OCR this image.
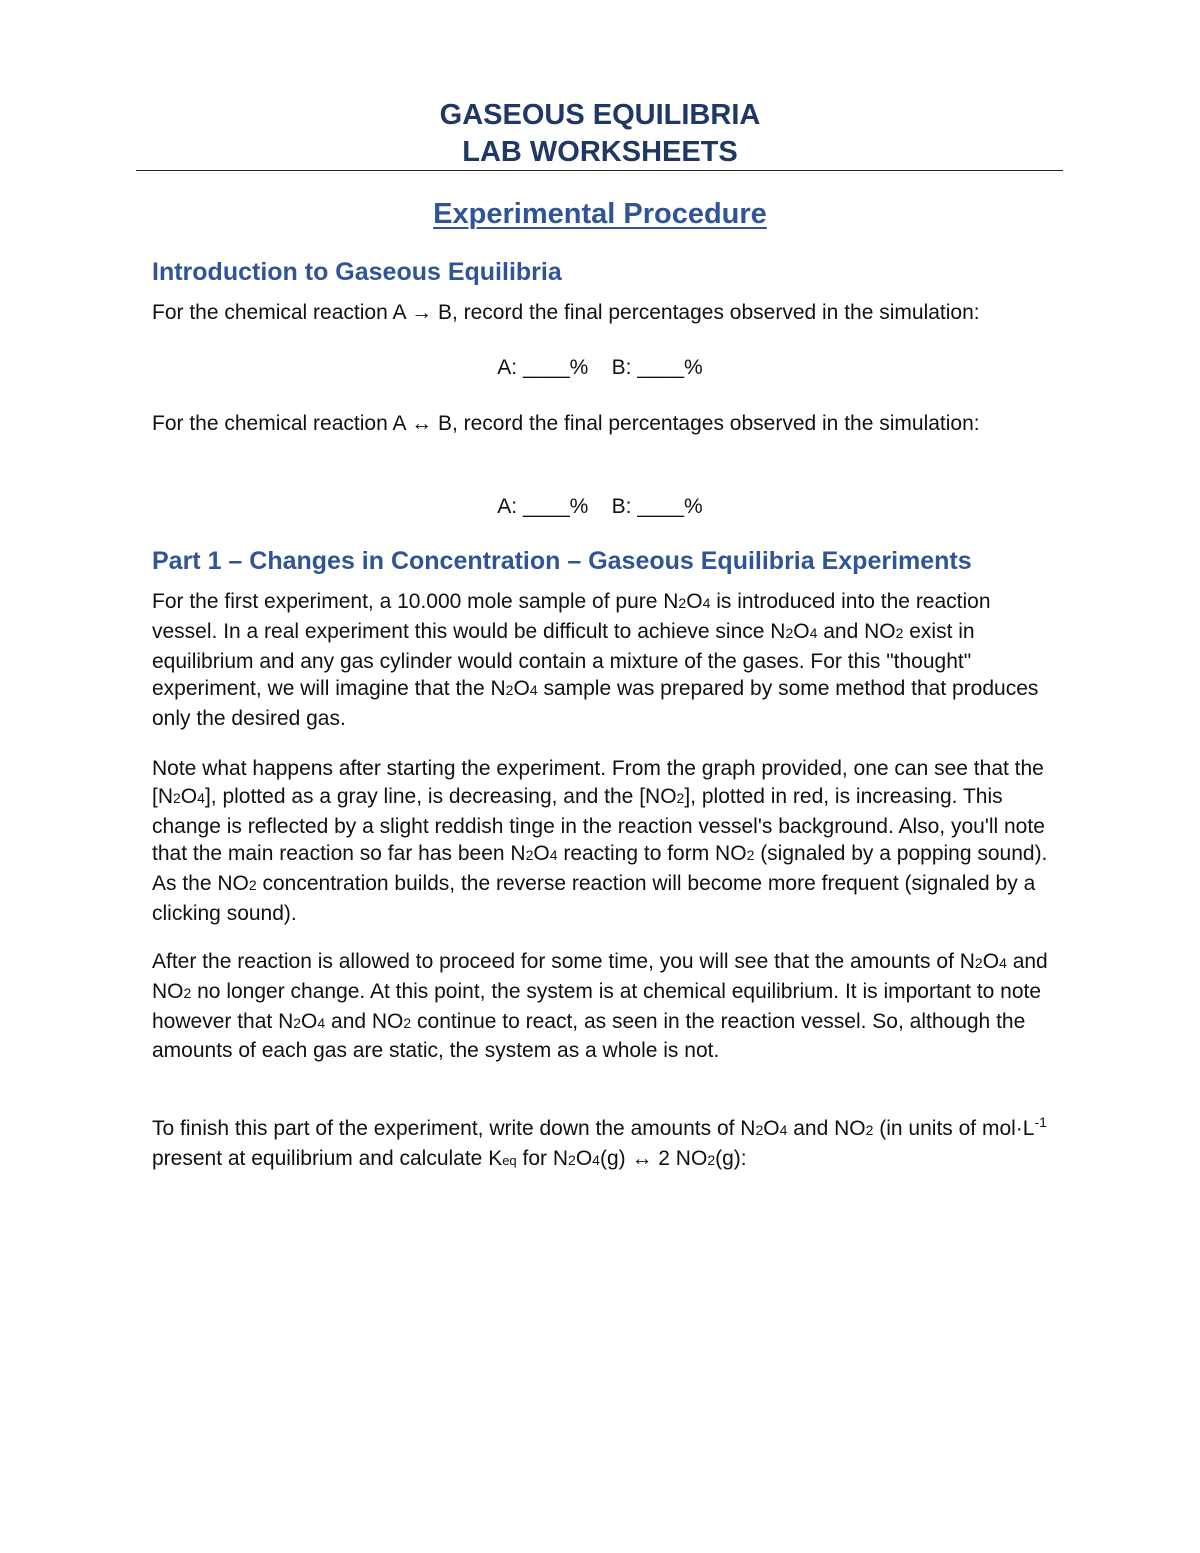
GASEOUS EQUILIBRIA
LAB WORKSHEETS
Experimental Procedure
Introduction to Gaseous Equilibria

For the chemical reaction A → B, record the final percentages observed in the simulation:

A: ____%    B: ____%

For the chemical reaction A ↔ B, record the final percentages observed in the simulation:

A: ____%    B: ____%

Part 1 – Changes in Concentration – Gaseous Equilibria Experiments

For the first experiment, a 10.000 mole sample of pure N2O4 is introduced into the reaction vessel. In a real experiment this would be difficult to achieve since N2O4 and NO2 exist in equilibrium and any gas cylinder would contain a mixture of the gases. For this "thought" experiment, we will imagine that the N2O4 sample was prepared by some method that produces only the desired gas.

Note what happens after starting the experiment. From the graph provided, one can see that the [N2O4], plotted as a gray line, is decreasing, and the [NO2], plotted in red, is increasing. This change is reflected by a slight reddish tinge in the reaction vessel's background. Also, you'll note that the main reaction so far has been N2O4 reacting to form NO2 (signaled by a popping sound). As the NO2 concentration builds, the reverse reaction will become more frequent (signaled by a clicking sound).

After the reaction is allowed to proceed for some time, you will see that the amounts of N2O4 and NO2 no longer change. At this point, the system is at chemical equilibrium. It is important to note however that N2O4 and NO2 continue to react, as seen in the reaction vessel. So, although the amounts of each gas are static, the system as a whole is not.

To finish this part of the experiment, write down the amounts of N2O4 and NO2 (in units of $mol\cdot L^{-1}$ present at equilibrium and calculate Keq for N2O4(g) ↔ 2 NO2(g):
